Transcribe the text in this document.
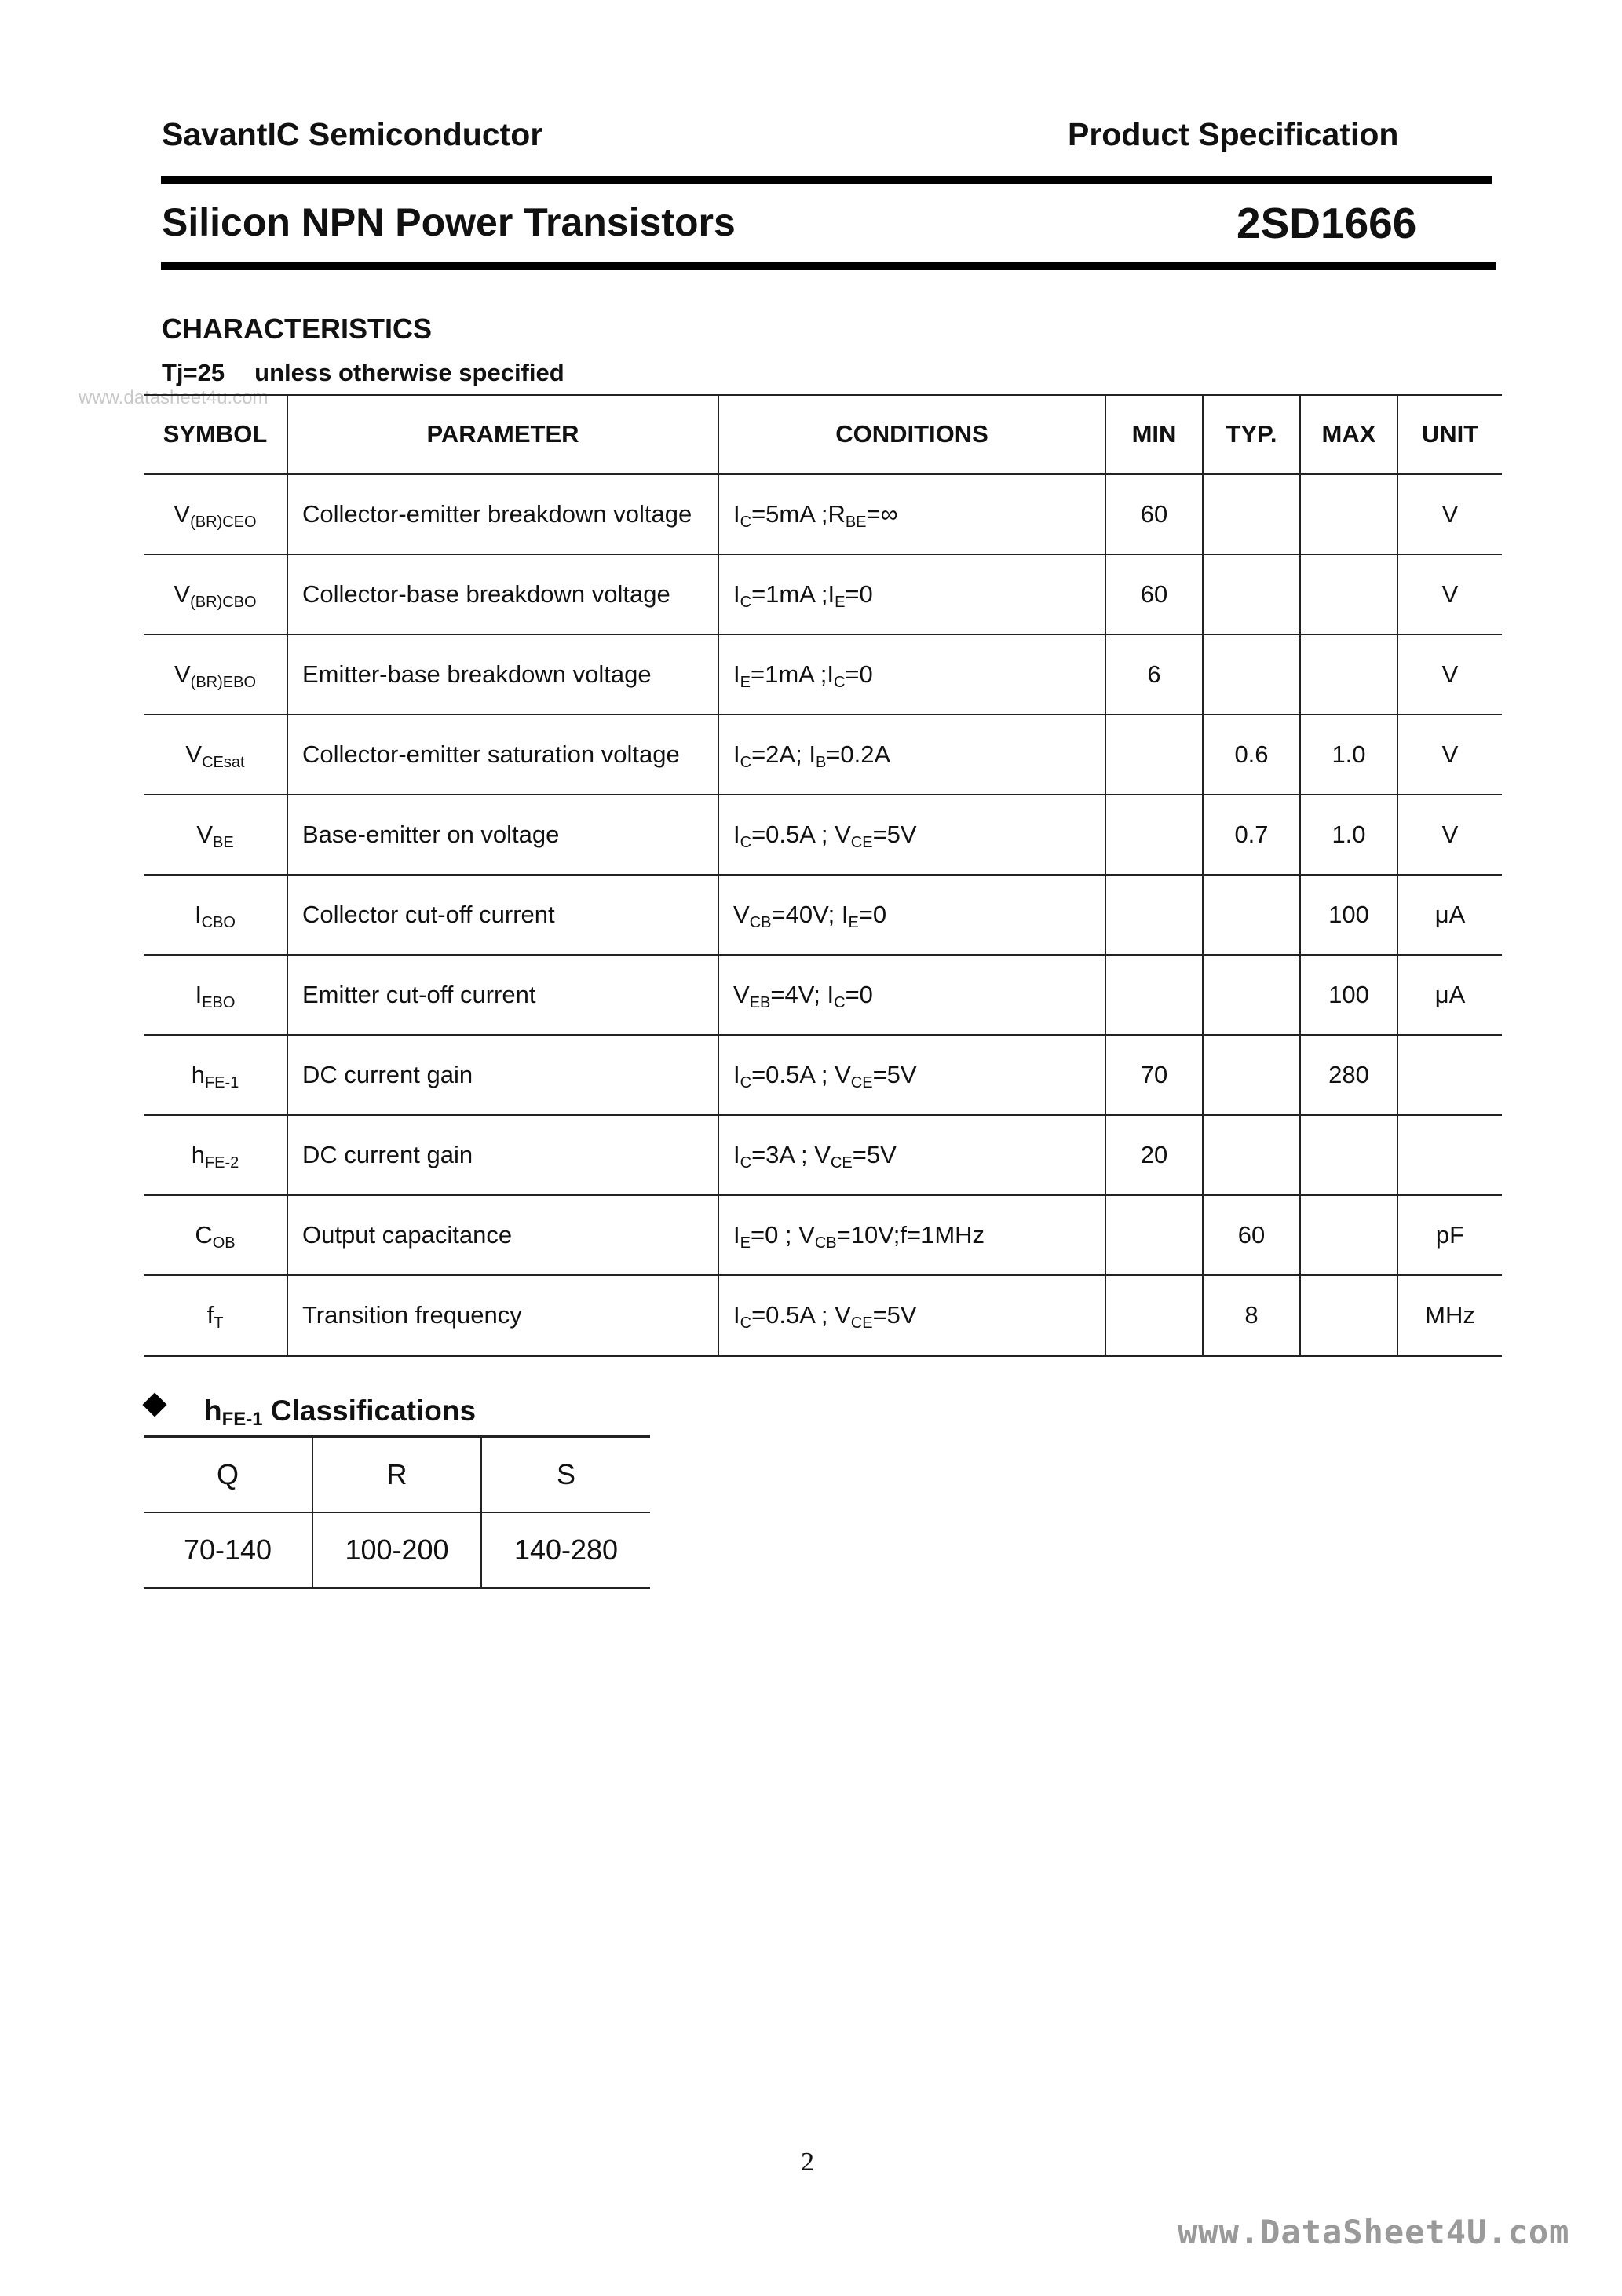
SavantIC Semiconductor	Product Specification
Silicon NPN Power Transistors	2SD1666
CHARACTERISTICS
Tj=25 unless otherwise specified
www.datasheet4u.com
SYMBOL	PARAMETER	CONDITIONS	MIN	TYP.	MAX	UNIT
$V_{(BR)CEO}$	Collector-emitter breakdown voltage	$I_C=5mA$ $;R_{BE}=\infty$	60			V
$V_{(BR)CBO}$	Collector-base breakdown voltage	$I_C=1mA$ $;I_E=0$	60			V
$V_{(BR)EBO}$	Emitter-base breakdown voltage	$I_E=1mA$ $;I_C=0$	6			V
$V_{CEsat}$	Collector-emitter saturation voltage	$I_C=2A$; $I_B=0.2A$		0.6	1.0	V
$V_{BE}$	Base-emitter on voltage	$I_C=0.5A$ ; $V_{CE}=5V$		0.7	1.0	V
$I_{CBO}$	Collector cut-off current	$V_{CB}=40V$; $I_E=0$			100	μA
$I_{EBO}$	Emitter cut-off current	$V_{EB}=4V$; $I_C=0$			100	μA
$h_{FE-1}$	DC current gain	$I_C=0.5A$ ; $V_{CE}=5V$	70		280	
$h_{FE-2}$	DC current gain	$I_C=3A$ ; $V_{CE}=5V$	20			
$C_{OB}$	Output capacitance	$I_E=0$ ; $V_{CB}=10V;f=1MHz$		60		pF
$f_T$	Transition frequency	$I_C=0.5A$ ; $V_{CE}=5V$		8		MHz
$h_{FE-1}$ Classifications
Q	R	S
70-140	100-200	140-280
2
www.DataSheet4U.com
